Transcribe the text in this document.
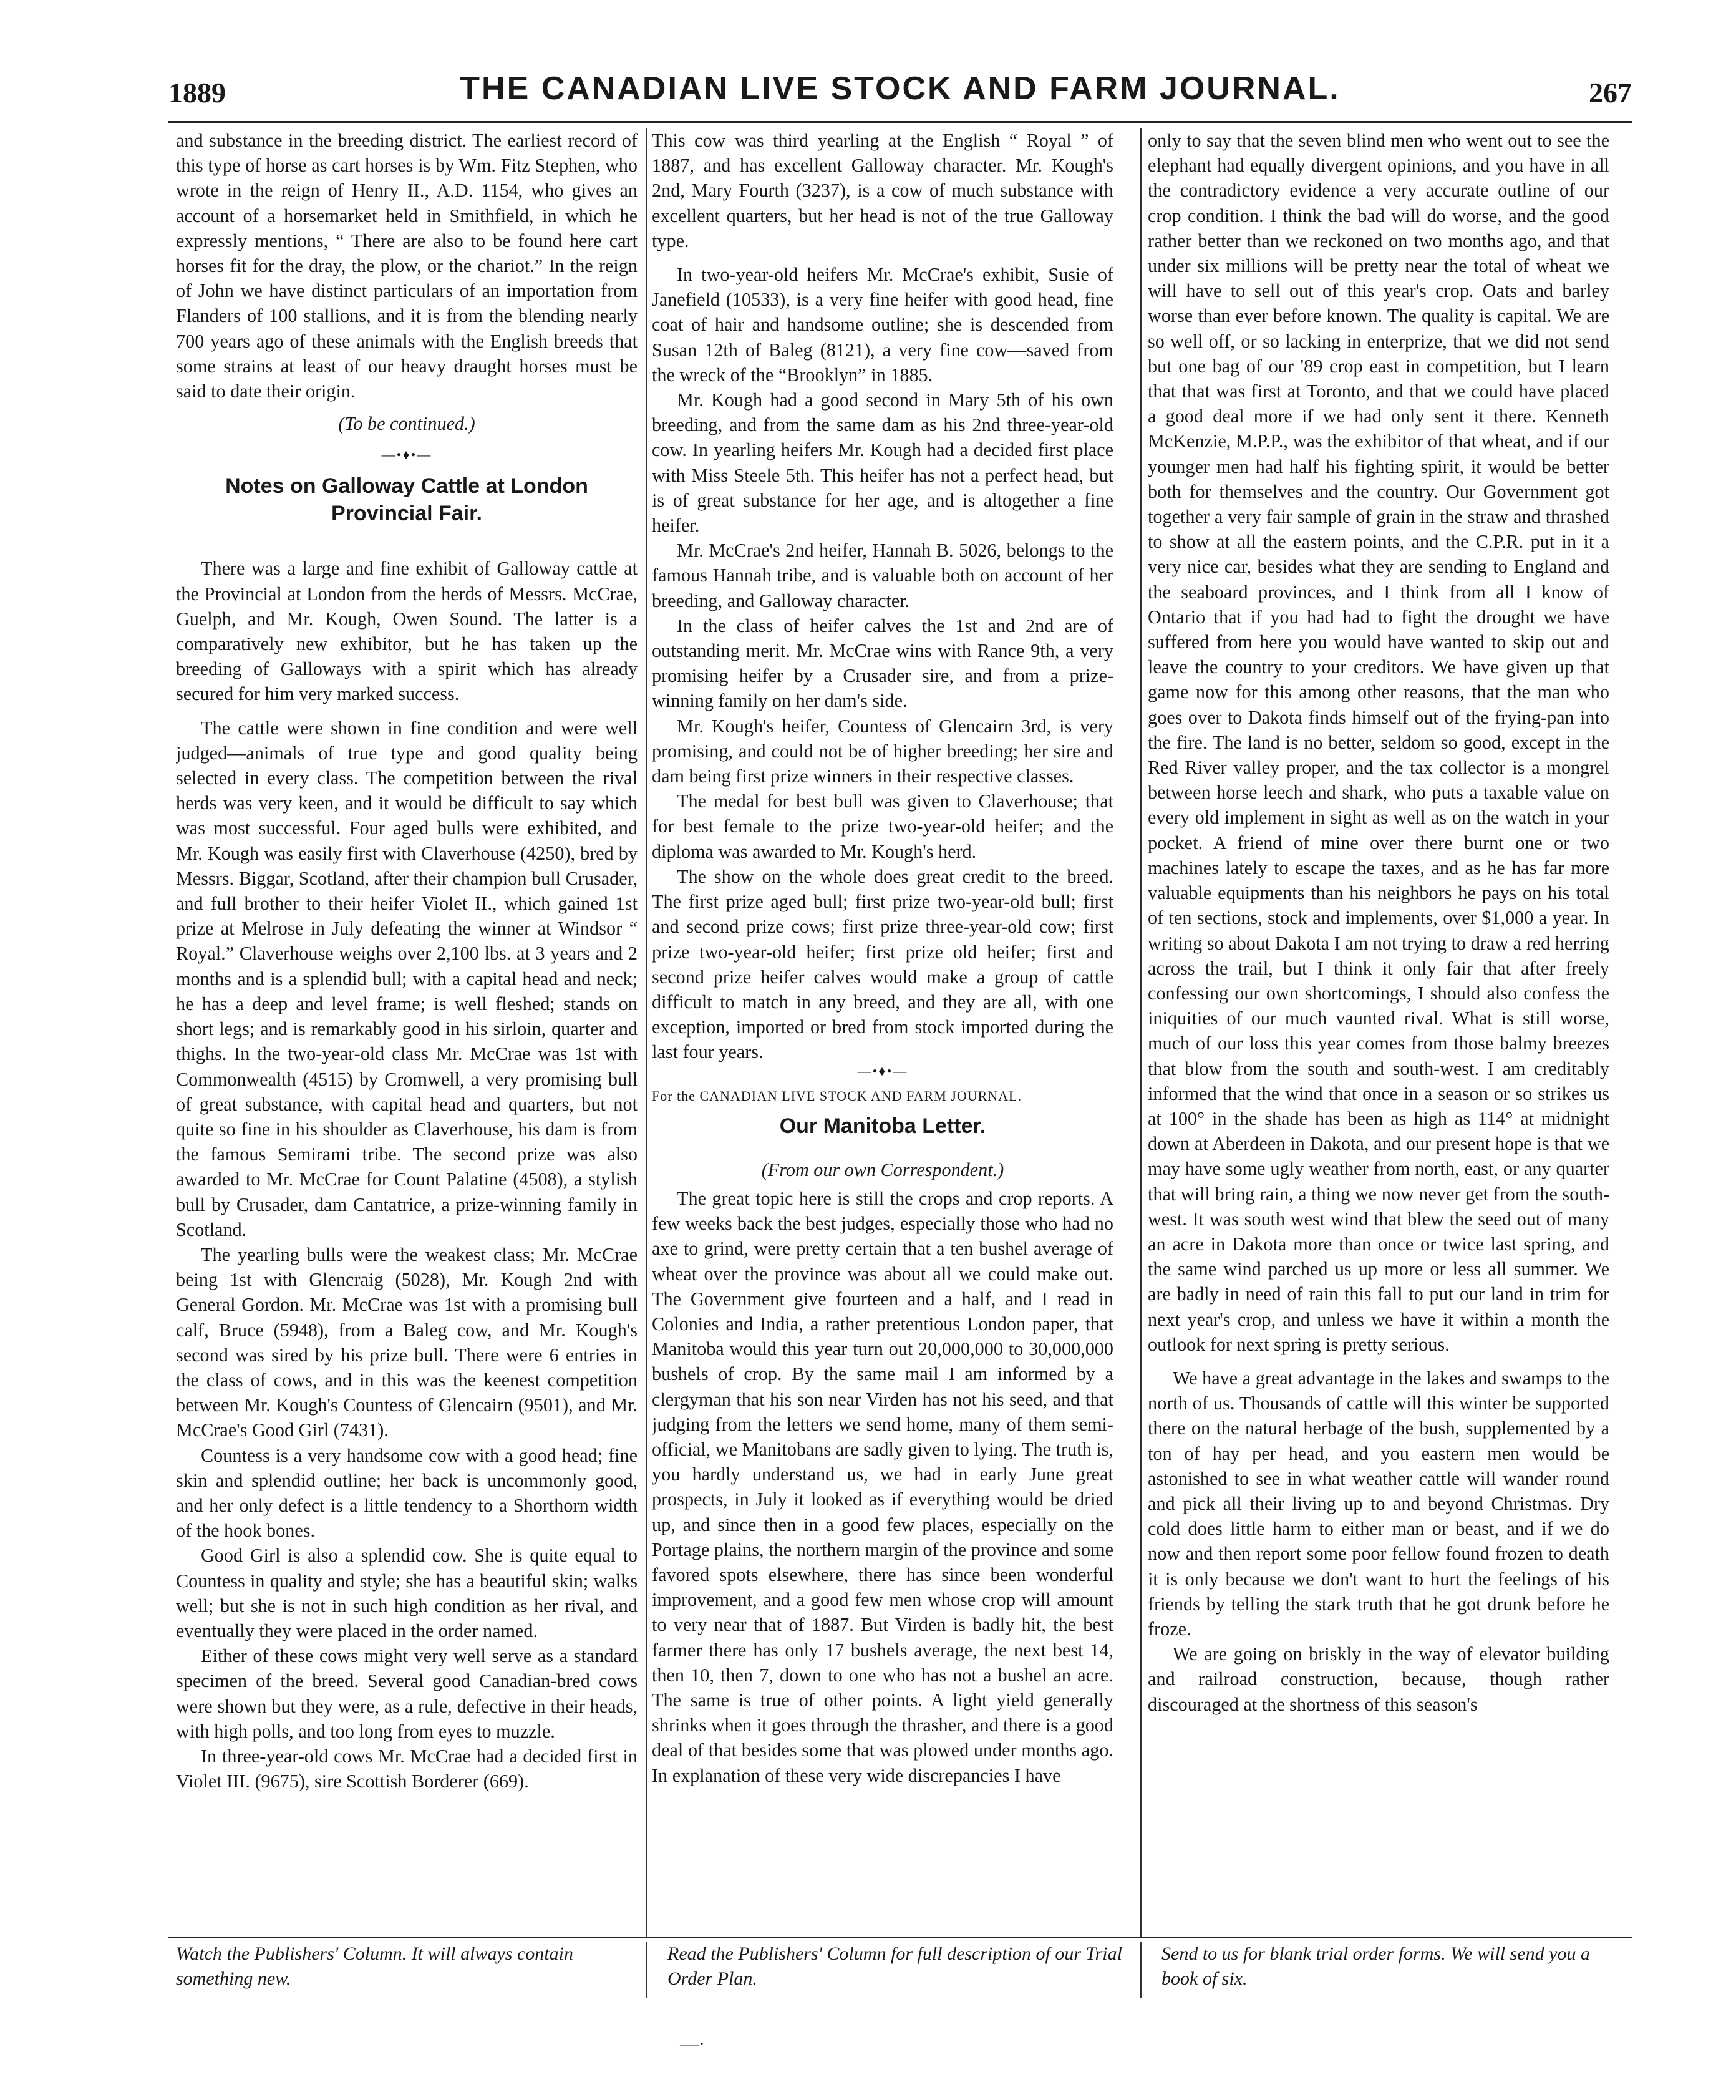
1889	THE CANADIAN LIVE STOCK AND FARM JOURNAL.	267

and substance in the breeding district. The earliest record of this type of horse as cart horses is by Wm. Fitz Stephen, who wrote in the reign of Henry II., A.D. 1154, who gives an account of a horsemarket held in Smithfield, in which he expressly mentions, “ There are also to be found here cart horses fit for the dray, the plow, or the chariot.” In the reign of John we have distinct particulars of an importation from Flanders of 100 stallions, and it is from the blending nearly 700 years ago of these animals with the English breeds that some strains at least of our heavy draught horses must be said to date their origin.

(To be continued.)

—•♦•—

Notes on Galloway Cattle at London Provincial Fair.

There was a large and fine exhibit of Galloway cattle at the Provincial at London from the herds of Messrs. McCrae, Guelph, and Mr. Kough, Owen Sound. The latter is a comparatively new exhibitor, but he has taken up the breeding of Galloways with a spirit which has already secured for him very marked success.

The cattle were shown in fine condition and were well judged—animals of true type and good quality being selected in every class. The competition between the rival herds was very keen, and it would be difficult to say which was most successful. Four aged bulls were exhibited, and Mr. Kough was easily first with Claverhouse (4250), bred by Messrs. Biggar, Scotland, after their champion bull Crusader, and full brother to their heifer Violet II., which gained 1st prize at Melrose in July defeating the winner at Windsor “ Royal.” Claverhouse weighs over 2,100 lbs. at 3 years and 2 months and is a splendid bull; with a capital head and neck; he has a deep and level frame; is well fleshed; stands on short legs; and is remarkably good in his sirloin, quarter and thighs. In the two-year-old class Mr. McCrae was 1st with Commonwealth (4515) by Cromwell, a very promising bull of great substance, with capital head and quarters, but not quite so fine in his shoulder as Claverhouse, his dam is from the famous Semirami tribe. The second prize was also awarded to Mr. McCrae for Count Palatine (4508), a stylish bull by Crusader, dam Cantatrice, a prize-winning family in Scotland.

The yearling bulls were the weakest class; Mr. McCrae being 1st with Glencraig (5028), Mr. Kough 2nd with General Gordon. Mr. McCrae was 1st with a promising bull calf, Bruce (5948), from a Baleg cow, and Mr. Kough's second was sired by his prize bull. There were 6 entries in the class of cows, and in this was the keenest competition between Mr. Kough's Countess of Glencairn (9501), and Mr. McCrae's Good Girl (7431).

Countess is a very handsome cow with a good head; fine skin and splendid outline; her back is uncommonly good, and her only defect is a little tendency to a Shorthorn width of the hook bones.

Good Girl is also a splendid cow. She is quite equal to Countess in quality and style; she has a beautiful skin; walks well; but she is not in such high condition as her rival, and eventually they were placed in the order named.

Either of these cows might very well serve as a standard specimen of the breed. Several good Canadian-bred cows were shown but they were, as a rule, defective in their heads, with high polls, and too long from eyes to muzzle.

In three-year-old cows Mr. McCrae had a decided first in Violet III. (9675), sire Scottish Borderer (669).

This cow was third yearling at the English “ Royal ” of 1887, and has excellent Galloway character. Mr. Kough's 2nd, Mary Fourth (3237), is a cow of much substance with excellent quarters, but her head is not of the true Galloway type.

In two-year-old heifers Mr. McCrae's exhibit, Susie of Janefield (10533), is a very fine heifer with good head, fine coat of hair and handsome outline; she is descended from Susan 12th of Baleg (8121), a very fine cow—saved from the wreck of the “Brooklyn” in 1885.

Mr. Kough had a good second in Mary 5th of his own breeding, and from the same dam as his 2nd three-year-old cow. In yearling heifers Mr. Kough had a decided first place with Miss Steele 5th. This heifer has not a perfect head, but is of great substance for her age, and is altogether a fine heifer.

Mr. McCrae's 2nd heifer, Hannah B. 5026, belongs to the famous Hannah tribe, and is valuable both on account of her breeding, and Galloway character.

In the class of heifer calves the 1st and 2nd are of outstanding merit. Mr. McCrae wins with Rance 9th, a very promising heifer by a Crusader sire, and from a prize-winning family on her dam's side.

Mr. Kough's heifer, Countess of Glencairn 3rd, is very promising, and could not be of higher breeding; her sire and dam being first prize winners in their respective classes.

The medal for best bull was given to Claverhouse; that for best female to the prize two-year-old heifer; and the diploma was awarded to Mr. Kough's herd.

The show on the whole does great credit to the breed. The first prize aged bull; first prize two-year-old bull; first and second prize cows; first prize three-year-old cow; first prize two-year-old heifer; first prize old heifer; first and second prize heifer calves would make a group of cattle difficult to match in any breed, and they are all, with one exception, imported or bred from stock imported during the last four years.

—•♦•—

For the CANADIAN LIVE STOCK AND FARM JOURNAL.

Our Manitoba Letter.

(From our own Correspondent.)

The great topic here is still the crops and crop reports. A few weeks back the best judges, especially those who had no axe to grind, were pretty certain that a ten bushel average of wheat over the province was about all we could make out. The Government give fourteen and a half, and I read in Colonies and India, a rather pretentious London paper, that Manitoba would this year turn out 20,000,000 to 30,000,000 bushels of crop. By the same mail I am informed by a clergyman that his son near Virden has not his seed, and that judging from the letters we send home, many of them semi-official, we Manitobans are sadly given to lying. The truth is, you hardly understand us, we had in early June great prospects, in July it looked as if everything would be dried up, and since then in a good few places, especially on the Portage plains, the northern margin of the province and some favored spots elsewhere, there has since been wonderful improvement, and a good few men whose crop will amount to very near that of 1887. But Virden is badly hit, the best farmer there has only 17 bushels average, the next best 14, then 10, then 7, down to one who has not a bushel an acre. The same is true of other points. A light yield generally shrinks when it goes through the thrasher, and there is a good deal of that besides some that was plowed under months ago. In explanation of these very wide discrepancies I have

only to say that the seven blind men who went out to see the elephant had equally divergent opinions, and you have in all the contradictory evidence a very accurate outline of our crop condition. I think the bad will do worse, and the good rather better than we reckoned on two months ago, and that under six millions will be pretty near the total of wheat we will have to sell out of this year's crop. Oats and barley worse than ever before known. The quality is capital. We are so well off, or so lacking in enterprize, that we did not send but one bag of our '89 crop east in competition, but I learn that that was first at Toronto, and that we could have placed a good deal more if we had only sent it there. Kenneth McKenzie, M.P.P., was the exhibitor of that wheat, and if our younger men had half his fighting spirit, it would be better both for themselves and the country. Our Government got together a very fair sample of grain in the straw and thrashed to show at all the eastern points, and the C.P.R. put in it a very nice car, besides what they are sending to England and the seaboard provinces, and I think from all I know of Ontario that if you had had to fight the drought we have suffered from here you would have wanted to skip out and leave the country to your creditors. We have given up that game now for this among other reasons, that the man who goes over to Dakota finds himself out of the frying-pan into the fire. The land is no better, seldom so good, except in the Red River valley proper, and the tax collector is a mongrel between horse leech and shark, who puts a taxable value on every old implement in sight as well as on the watch in your pocket. A friend of mine over there burnt one or two machines lately to escape the taxes, and as he has far more valuable equipments than his neighbors he pays on his total of ten sections, stock and implements, over $1,000 a year. In writing so about Dakota I am not trying to draw a red herring across the trail, but I think it only fair that after freely confessing our own shortcomings, I should also confess the iniquities of our much vaunted rival. What is still worse, much of our loss this year comes from those balmy breezes that blow from the south and south-west. I am creditably informed that the wind that once in a season or so strikes us at 100° in the shade has been as high as 114° at midnight down at Aberdeen in Dakota, and our present hope is that we may have some ugly weather from north, east, or any quarter that will bring rain, a thing we now never get from the south-west. It was south west wind that blew the seed out of many an acre in Dakota more than once or twice last spring, and the same wind parched us up more or less all summer. We are badly in need of rain this fall to put our land in trim for next year's crop, and unless we have it within a month the outlook for next spring is pretty serious.

We have a great advantage in the lakes and swamps to the north of us. Thousands of cattle will this winter be supported there on the natural herbage of the bush, supplemented by a ton of hay per head, and you eastern men would be astonished to see in what weather cattle will wander round and pick all their living up to and beyond Christmas. Dry cold does little harm to either man or beast, and if we do now and then report some poor fellow found frozen to death it is only because we don't want to hurt the feelings of his friends by telling the stark truth that he got drunk before he froze.

We are going on briskly in the way of elevator building and railroad construction, because, though rather discouraged at the shortness of this season's

Watch the Publishers' Column. It will always contain something new.
Read the Publishers' Column for full description of our Trial Order Plan.
Send to us for blank trial order forms. We will send you a book of six.
—·
